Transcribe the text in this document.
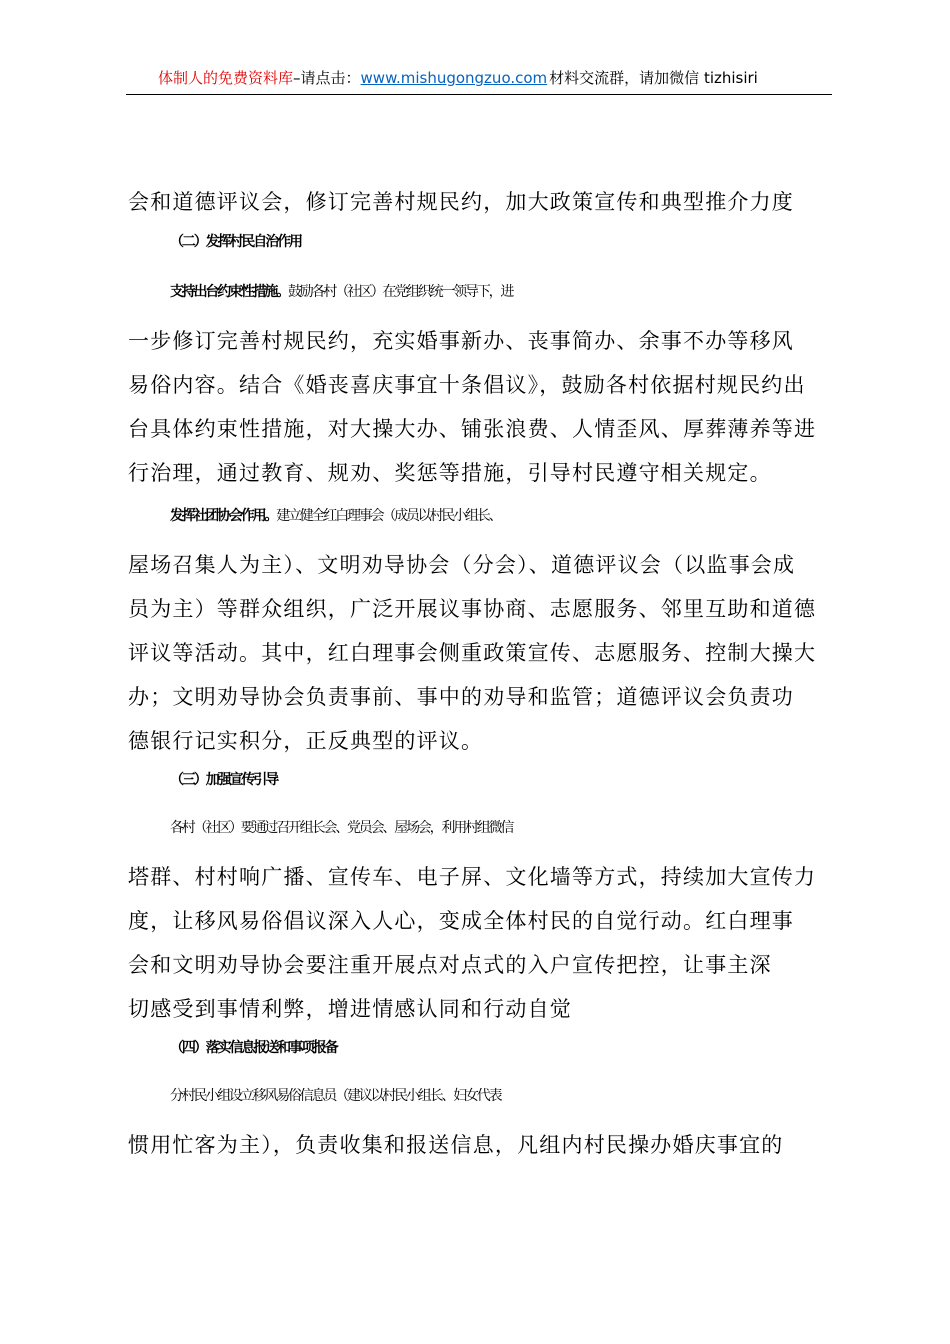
体制人的免费资料库–请点击：www.mishugongzuo.com 材料交流群，请加微信 tizhisiri
会和道德评议会，修订完善村规民约，加大政策宣传和典型推介力度
（二）发挥村民自治作用
支持出台约束性措施。鼓励各村（社区）在党组织统一领导下，进
一步修订完善村规民约，充实婚事新办、丧事简办、余事不办等移风
易俗内容。结合《婚丧喜庆事宜十条倡议》，鼓励各村依据村规民约出
台具体约束性措施，对大操大办、铺张浪费、人情歪风、厚葬薄养等进
行治理，通过教育、规劝、奖惩等措施，引导村民遵守相关规定。
发挥社团协会作用。建立健全红白理事会（成员以村民小组长、
屋场召集人为主）、文明劝导协会（分会）、道德评议会（以监事会成
员为主）等群众组织，广泛开展议事协商、志愿服务、邻里互助和道德
评议等活动。其中，红白理事会侧重政策宣传、志愿服务、控制大操大
办；文明劝导协会负责事前、事中的劝导和监管；道德评议会负责功
德银行记实积分，正反典型的评议。
（三）加强宣传引导
各村（社区）要通过召开组长会、党员会、屋场会，利用村组微信
塔群、村村响广播、宣传车、电子屏、文化墙等方式，持续加大宣传力
度，让移风易俗倡议深入人心，变成全体村民的自觉行动。红白理事
会和文明劝导协会要注重开展点对点式的入户宣传把控，让事主深
切感受到事情利弊，增进情感认同和行动自觉
（四）落实信息报送和事项报备
分村民小组设立移风易俗信息员（建议以村民小组长、妇女代表
惯用忙客为主），负责收集和报送信息，凡组内村民操办婚庆事宜的
